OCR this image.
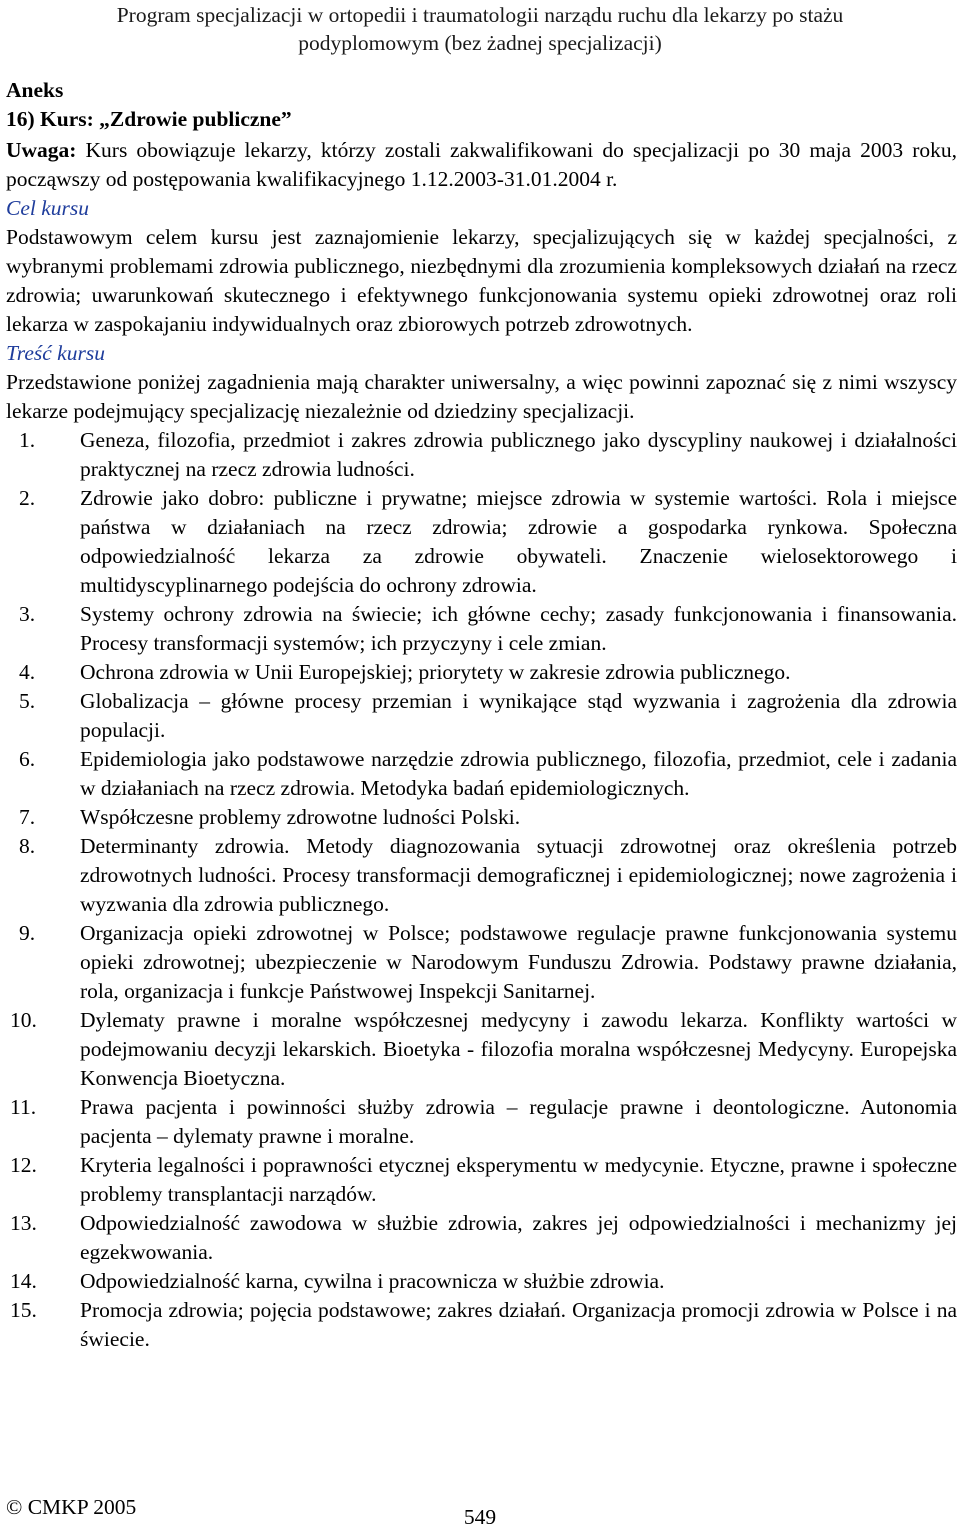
Program specjalizacji w ortopedii i traumatologii narządu ruchu dla lekarzy po stażu
podyplomowym (bez żadnej specjalizacji)

Aneks

16) Kurs: „Zdrowie publiczne”

Uwaga: Kurs obowiązuje lekarzy, którzy zostali zakwalifikowani do specjalizacji po 30 maja 2003 roku, począwszy od postępowania kwalifikacyjnego 1.12.2003-31.01.2004 r.

Cel kursu

Podstawowym celem kursu jest zaznajomienie lekarzy, specjalizujących się w każdej specjalności, z wybranymi problemami zdrowia publicznego, niezbędnymi dla zrozumienia kompleksowych działań na rzecz zdrowia; uwarunkowań skutecznego i efektywnego funkcjonowania systemu opieki zdrowotnej oraz roli lekarza w zaspokajaniu indywidualnych oraz zbiorowych potrzeb zdrowotnych.

Treść kursu

Przedstawione poniżej zagadnienia mają charakter uniwersalny, a więc powinni zapoznać się z nimi wszyscy lekarze podejmujący specjalizację niezależnie od dziedziny specjalizacji.

1.	Geneza, filozofia, przedmiot i zakres zdrowia publicznego jako dyscypliny naukowej i działalności praktycznej na rzecz zdrowia ludności.
2.	Zdrowie jako dobro: publiczne i prywatne; miejsce zdrowia w systemie wartości. Rola i miejsce państwa w działaniach na rzecz zdrowia; zdrowie a gospodarka rynkowa. Społeczna odpowiedzialność lekarza za zdrowie obywateli. Znaczenie wielosektorowego i multidyscyplinarnego podejścia do ochrony zdrowia.
3.	Systemy ochrony zdrowia na świecie; ich główne cechy; zasady funkcjonowania i finansowania. Procesy transformacji systemów; ich przyczyny i cele zmian.
4.	Ochrona zdrowia w Unii Europejskiej; priorytety w zakresie zdrowia publicznego.
5.	Globalizacja – główne procesy przemian i wynikające stąd wyzwania i zagrożenia dla zdrowia populacji.
6.	Epidemiologia jako podstawowe narzędzie zdrowia publicznego, filozofia, przedmiot, cele i zadania w działaniach na rzecz zdrowia. Metodyka badań epidemiologicznych.
7.	Współczesne problemy zdrowotne ludności Polski.
8.	Determinanty zdrowia. Metody diagnozowania sytuacji zdrowotnej oraz określenia potrzeb zdrowotnych ludności. Procesy transformacji demograficznej i epidemiologicznej; nowe zagrożenia i wyzwania dla zdrowia publicznego.
9.	Organizacja opieki zdrowotnej w Polsce; podstawowe regulacje prawne funkcjonowania systemu opieki zdrowotnej; ubezpieczenie w Narodowym Funduszu Zdrowia. Podstawy prawne działania, rola, organizacja i funkcje Państwowej Inspekcji Sanitarnej.
10.	Dylematy prawne i moralne współczesnej medycyny i zawodu lekarza. Konflikty wartości w podejmowaniu decyzji lekarskich. Bioetyka - filozofia moralna współczesnej Medycyny. Europejska Konwencja Bioetyczna.
11.	Prawa pacjenta i powinności służby zdrowia – regulacje prawne i deontologiczne. Autonomia pacjenta – dylematy prawne i moralne.
12.	Kryteria legalności i poprawności etycznej eksperymentu w medycynie. Etyczne, prawne i społeczne problemy transplantacji narządów.
13.	Odpowiedzialność zawodowa w służbie zdrowia, zakres jej odpowiedzialności i mechanizmy jej egzekwowania.
14.	Odpowiedzialność karna, cywilna i pracownicza w służbie zdrowia.
15.	Promocja zdrowia; pojęcia podstawowe; zakres działań. Organizacja promocji zdrowia w Polsce i na świecie.
© CMKP 2005	549
